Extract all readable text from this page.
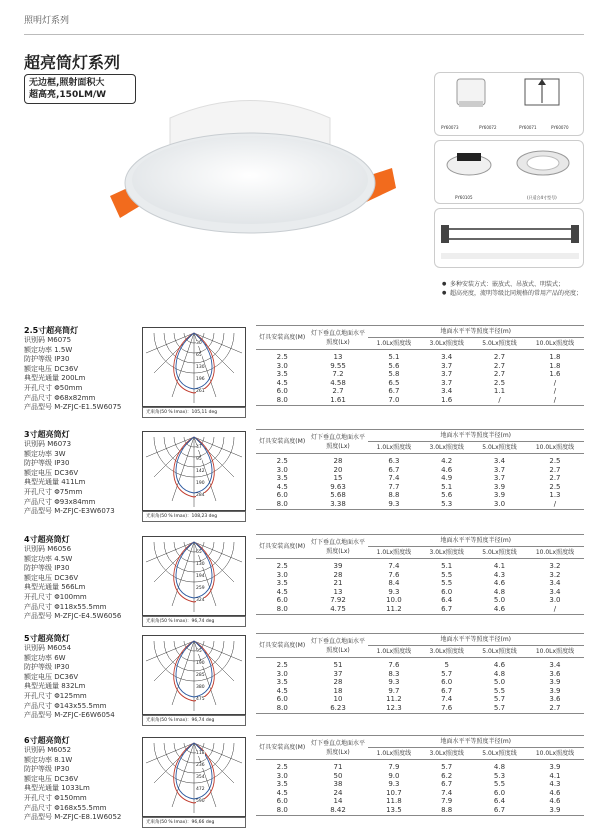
照明灯系列
超亮筒灯系列
无边框,照射面积大
超高亮,150LM/W
PY60073	PY60072	PY60071	PY60070
PY60105	(只适合4寸型号)
● 多种安装方式：嵌放式、吊放式、明装式；
● 超高亮度，流明等级比同规格的常用产品的亮度；
2.5寸超亮筒灯
识别码 M6075
额定功率 1.5W
防护等级 IP30
额定电压 DC36V
典型光通量 200Lm
开孔尺寸 Φ50mm
产品尺寸 Φ68x82mm
产品型号 M-ZFJC-E1.5W6075
30
65
130
196
261
光束角(50 % Imax)：105,11 deg
灯具安装高度(M)	灯下垂直点地面水平照度(Lx)	地面水平平等照度半径(m)			
		1.0Lx照度线	3.0Lx照度线	5.0Lx照度线	10.0Lx照度线
2.5	13	5.1	3.4	2.7	1.8
3.0	9.55	5.6	3.7	2.7	1.8
3.5	7.2	5.8	3.7	2.7	1.6
4.5	4.58	6.5	3.7	2.5	/
6.0	2.7	6.7	3.4	1.1	/
8.0	1.61	7.0	1.6	/	/
3寸超亮筒灯
识别码 M6073
额定功率 3W
防护等级 IP30
额定电压 DC36V
典型光通量 411Lm
开孔尺寸 Φ75mm
产品尺寸 Φ93x84mm
产品型号 M-ZFJC-E3W6073
47
95
142
190
284
光束角(50 % Imax)：108,23 deg
灯具安装高度(M)	灯下垂直点地面水平照度(Lx)	地面水平平等照度半径(m)			
		1.0Lx照度线	3.0Lx照度线	5.0Lx照度线	10.0Lx照度线
2.5	28	6.3	4.2	3.4	2.5
3.0	20	6.7	4.6	3.7	2.7
3.5	15	7.4	4.9	3.7	2.7
4.5	9.63	7.7	5.1	3.9	2.5
6.0	5.68	8.8	5.6	3.9	1.3
8.0	3.38	9.3	5.3	3.0	/
4寸超亮筒灯
识别码 M6056
额定功率 4.5W
防护等级 IP30
额定电压 DC36V
典型光通量 566Lm
开孔尺寸 Φ100mm
产品尺寸 Φ118x55.5mm
产品型号 M-ZFJC-E4.5W6056
65
130
194
259
324
光束角(50 % Imax)：96,74 deg
灯具安装高度(M)	灯下垂直点地面水平照度(Lx)	地面水平平等照度半径(m)			
		1.0Lx照度线	3.0Lx照度线	5.0Lx照度线	10.0Lx照度线
2.5	39	7.4	5.1	4.1	3.2
3.0	28	7.6	5.5	4.3	3.2
3.5	21	8.4	5.5	4.6	3.4
4.5	13	9.3	6.0	4.8	3.4
6.0	7.92	10.0	6.4	5.0	3.0
8.0	4.75	11.2	6.7	4.6	/
5寸超亮筒灯
识别码 M6054
额定功率 6W
防护等级 IP30
额定电压 DC36V
典型光通量 832Lm
开孔尺寸 Φ125mm
产品尺寸 Φ143x55.5mm
产品型号 M-ZFJC-E6W6054
95
190
285
380
475
光束角(50 % Imax)：96,74 deg
灯具安装高度(M)	灯下垂直点地面水平照度(Lx)	地面水平平等照度半径(m)			
		1.0Lx照度线	3.0Lx照度线	5.0Lx照度线	10.0Lx照度线
2.5	51	7.6	5	4.6	3.4
3.0	37	8.3	5.7	4.8	3.6
3.5	28	9.3	6.0	5.0	3.9
4.5	18	9.7	6.7	5.5	3.9
6.0	10	11.2	7.4	5.7	3.6
8.0	6.23	12.3	7.6	5.7	2.7
6寸超亮筒灯
识别码 M6052
额定功率 8.1W
防护等级 IP30
额定电压 DC36V
典型光通量 1033Lm
开孔尺寸 Φ150mm
产品尺寸 Φ168x55.5mm
产品型号 M-ZFJC-E8.1W6052
118
236
354
472
590
光束角(50 % Imax)：96,66 deg
灯具安装高度(M)	灯下垂直点地面水平照度(Lx)	地面水平平等照度半径(m)			
		1.0Lx照度线	3.0Lx照度线	5.0Lx照度线	10.0Lx照度线
2.5	71	7.9	5.7	4.8	3.9
3.0	50	9.0	6.2	5.3	4.1
3.5	38	9.3	6.7	5.5	4.3
4.5	24	10.7	7.4	6.0	4.6
6.0	14	11.8	7.9	6.4	4.6
8.0	8.42	13.5	8.8	6.7	3.9
